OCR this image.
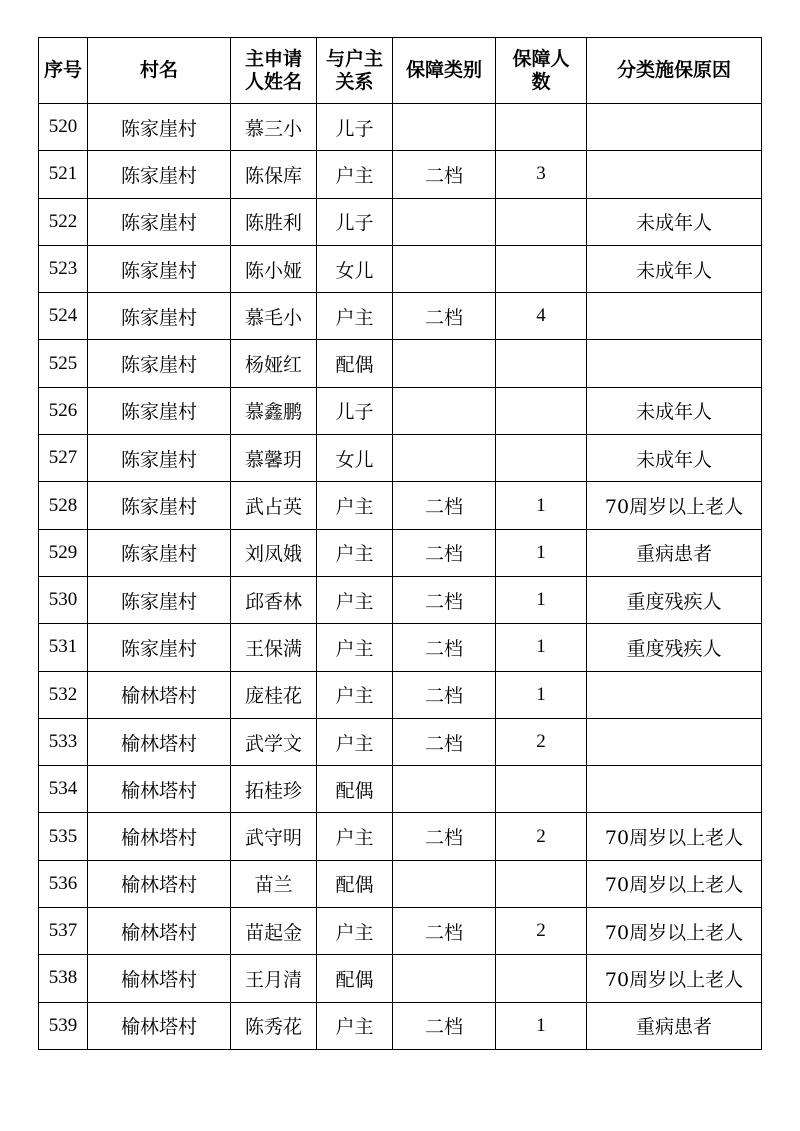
序号	村名	主申请人姓名	与户主关系	保障类别	保障人数	分类施保原因
520	陈家崖村	慕三小	儿子			
521	陈家崖村	陈保库	户主	二档	3	
522	陈家崖村	陈胜利	儿子			未成年人
523	陈家崖村	陈小娅	女儿			未成年人
524	陈家崖村	慕毛小	户主	二档	4	
525	陈家崖村	杨娅红	配偶			
526	陈家崖村	慕鑫鹏	儿子			未成年人
527	陈家崖村	慕馨玥	女儿			未成年人
528	陈家崖村	武占英	户主	二档	1	70周岁以上老人
529	陈家崖村	刘凤娥	户主	二档	1	重病患者
530	陈家崖村	邱香林	户主	二档	1	重度残疾人
531	陈家崖村	王保满	户主	二档	1	重度残疾人
532	榆林塔村	庞桂花	户主	二档	1	
533	榆林塔村	武学文	户主	二档	2	
534	榆林塔村	拓桂珍	配偶			
535	榆林塔村	武守明	户主	二档	2	70周岁以上老人
536	榆林塔村	苗兰	配偶			70周岁以上老人
537	榆林塔村	苗起金	户主	二档	2	70周岁以上老人
538	榆林塔村	王月清	配偶			70周岁以上老人
539	榆林塔村	陈秀花	户主	二档	1	重病患者
